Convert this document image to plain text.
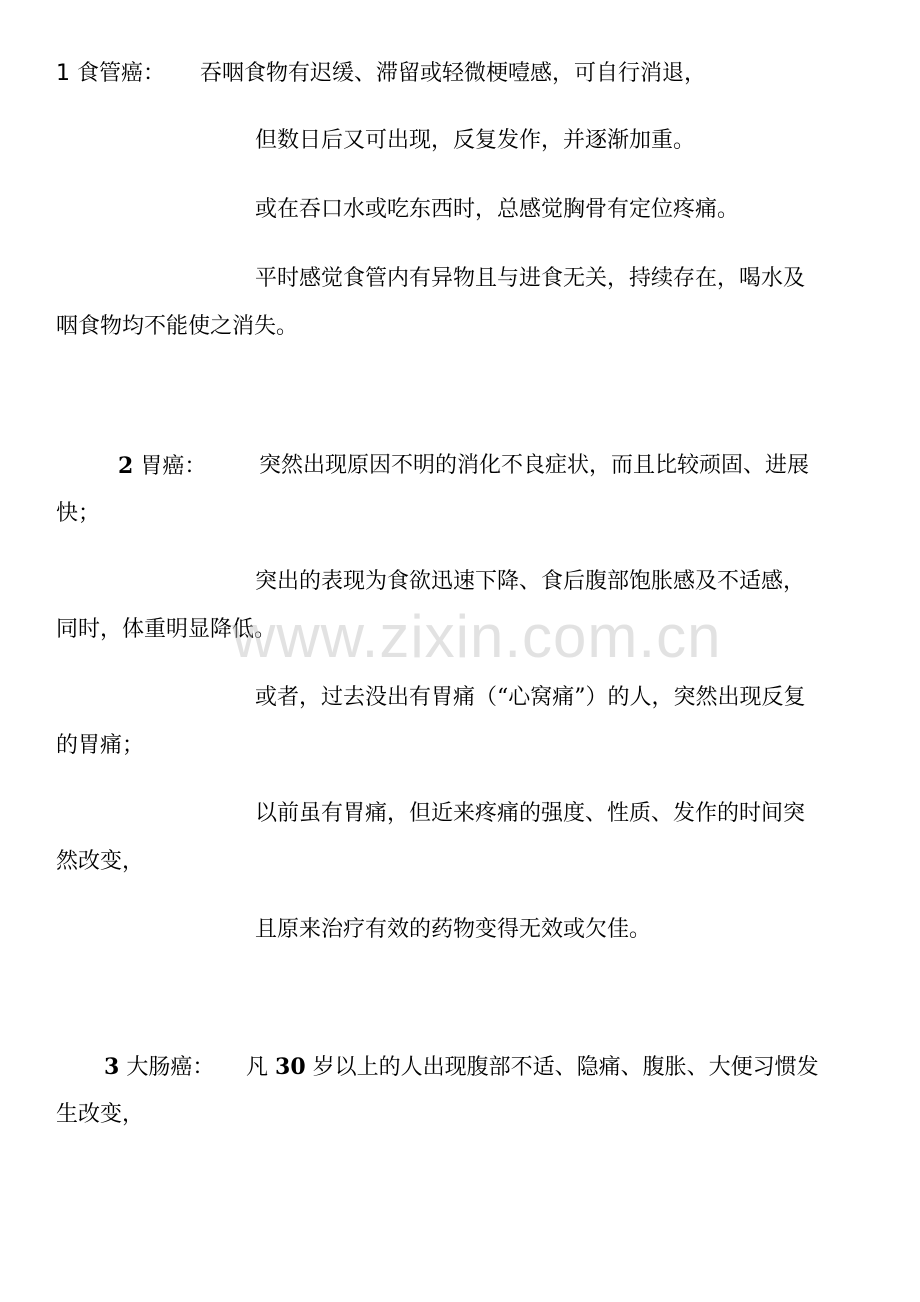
1 食管癌： 吞咽食物有迟缓、滞留或轻微梗噎感，可自行消退，
但数日后又可出现，反复发作，并逐渐加重。
或在吞口水或吃东西时，总感觉胸骨有定位疼痛。
平时感觉食管内有异物且与进食无关，持续存在，喝水及
咽食物均不能使之消失。
2 胃癌： 突然出现原因不明的消化不良症状，而且比较顽固、进展
快；
突出的表现为食欲迅速下降、食后腹部饱胀感及不适感，
同时，体重明显降低。
或者，过去没出有胃痛（“心窝痛”）的人，突然出现反复
的胃痛；
以前虽有胃痛，但近来疼痛的强度、性质、发作的时间突
然改变，
且原来治疗有效的药物变得无效或欠佳。
3 大肠癌： 凡 30 岁以上的人出现腹部不适、隐痛、腹胀、大便习惯发
生改变，
www.zixin.com.cn
